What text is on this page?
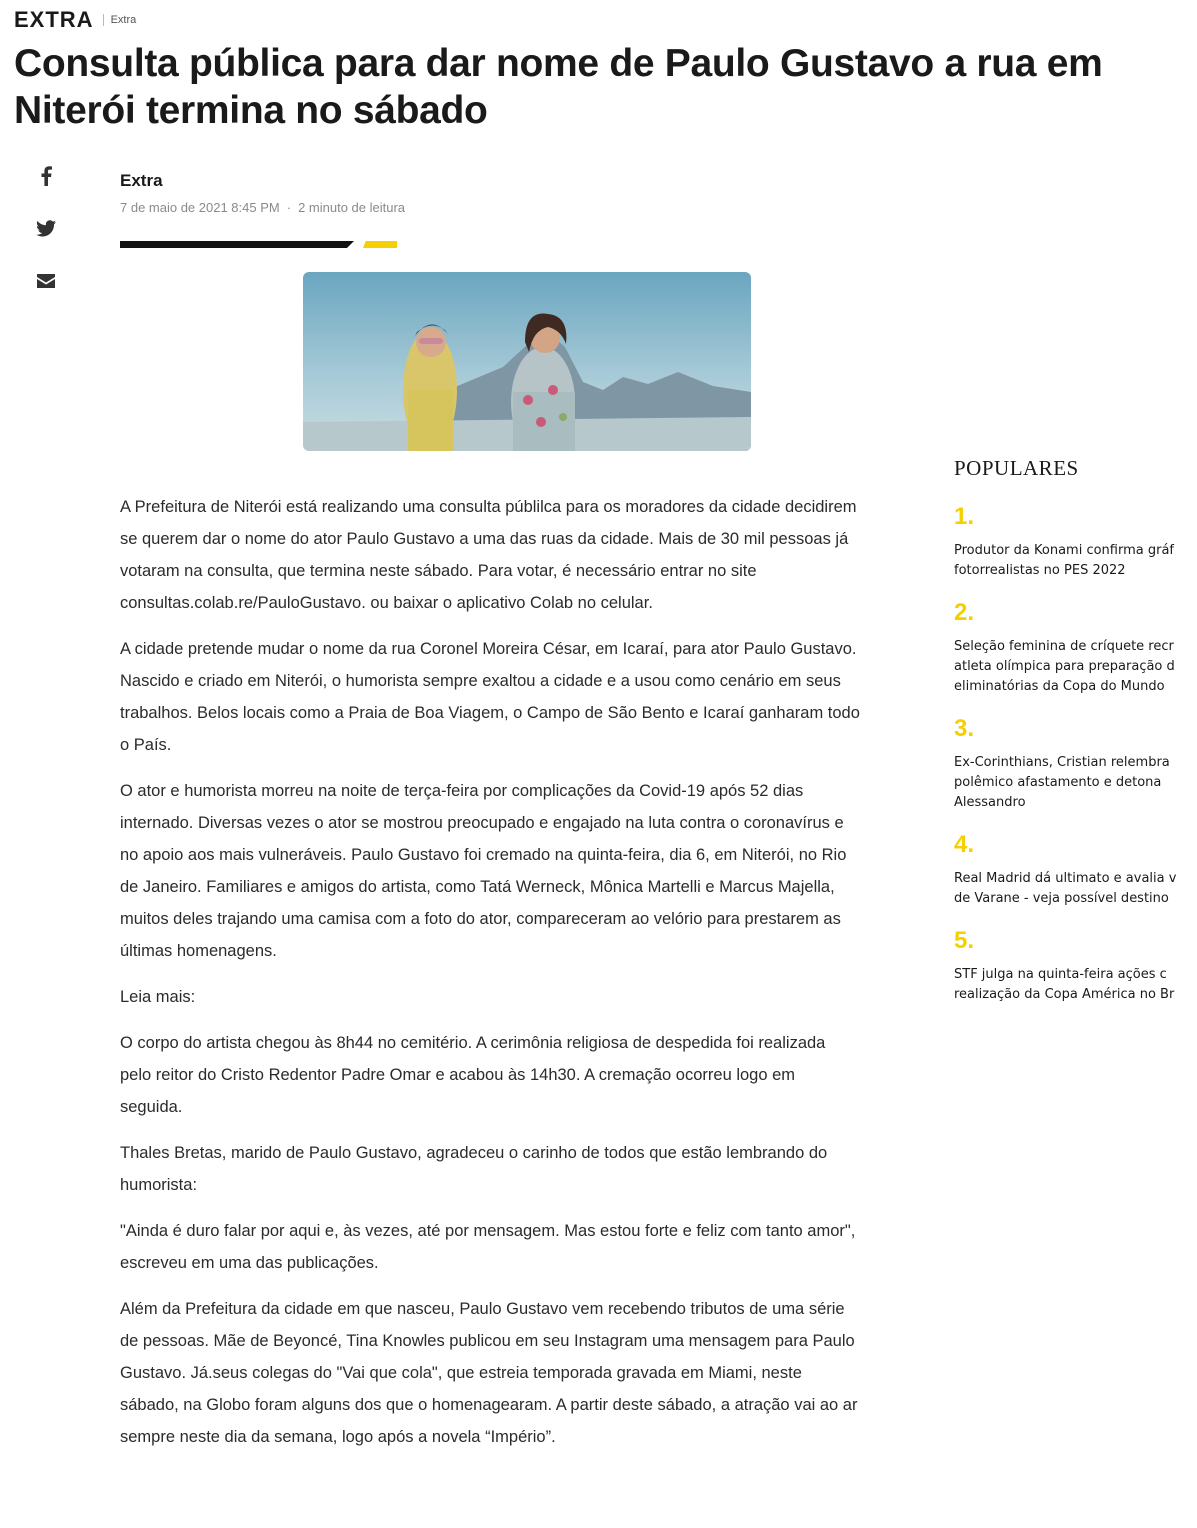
EXTRA Extra
Consulta pública para dar nome de Paulo Gustavo a rua em Niterói termina no sábado
Extra
7 de maio de 2021 8:45 PM · 2 minuto de leitura

A Prefeitura de Niterói está realizando uma consulta públilca para os moradores da cidade decidirem se querem dar o nome do ator Paulo Gustavo a uma das ruas da cidade. Mais de 30 mil pessoas já votaram na consulta, que termina neste sábado. Para votar, é necessário entrar no site consultas.colab.re/PauloGustavo. ou baixar o aplicativo Colab no celular.

A cidade pretende mudar o nome da rua Coronel Moreira César, em Icaraí, para ator Paulo Gustavo. Nascido e criado em Niterói, o humorista sempre exaltou a cidade e a usou como cenário em seus trabalhos. Belos locais como a Praia de Boa Viagem, o Campo de São Bento e Icaraí ganharam todo o País.

O ator e humorista morreu na noite de terça-feira por complicações da Covid-19 após 52 dias internado. Diversas vezes o ator se mostrou preocupado e engajado na luta contra o coronavírus e no apoio aos mais vulneráveis. Paulo Gustavo foi cremado na quinta-feira, dia 6, em Niterói, no Rio de Janeiro. Familiares e amigos do artista, como Tatá Werneck, Mônica Martelli e Marcus Majella, muitos deles trajando uma camisa com a foto do ator, compareceram ao velório para prestarem as últimas homenagens.

Leia mais:

O corpo do artista chegou às 8h44 no cemitério. A cerimônia religiosa de despedida foi realizada pelo reitor do Cristo Redentor Padre Omar e acabou às 14h30. A cremação ocorreu logo em seguida.

Thales Bretas, marido de Paulo Gustavo, agradeceu o carinho de todos que estão lembrando do humorista:

"Ainda é duro falar por aqui e, às vezes, até por mensagem. Mas estou forte e feliz com tanto amor", escreveu em uma das publicações.

Além da Prefeitura da cidade em que nasceu, Paulo Gustavo vem recebendo tributos de uma série de pessoas. Mãe de Beyoncé, Tina Knowles publicou em seu Instagram uma mensagem para Paulo Gustavo. Já.seus colegas do "Vai que cola", que estreia temporada gravada em Miami, neste sábado, na Globo foram alguns dos que o homenagearam. A partir deste sábado, a atração vai ao ar sempre neste dia da semana, logo após a novela “Império”.

POPULARES
1.
Produtor da Konami confirma gráf
fotorrealistas no PES 2022
2.
Seleção feminina de críquete recr
atleta olímpica para preparação d
eliminatórias da Copa do Mundo
3.
Ex-Corinthians, Cristian relembra
polêmico afastamento e detona
Alessandro
4.
Real Madrid dá ultimato e avalia v
de Varane - veja possível destino
5.
STF julga na quinta-feira ações c
realização da Copa América no Br
